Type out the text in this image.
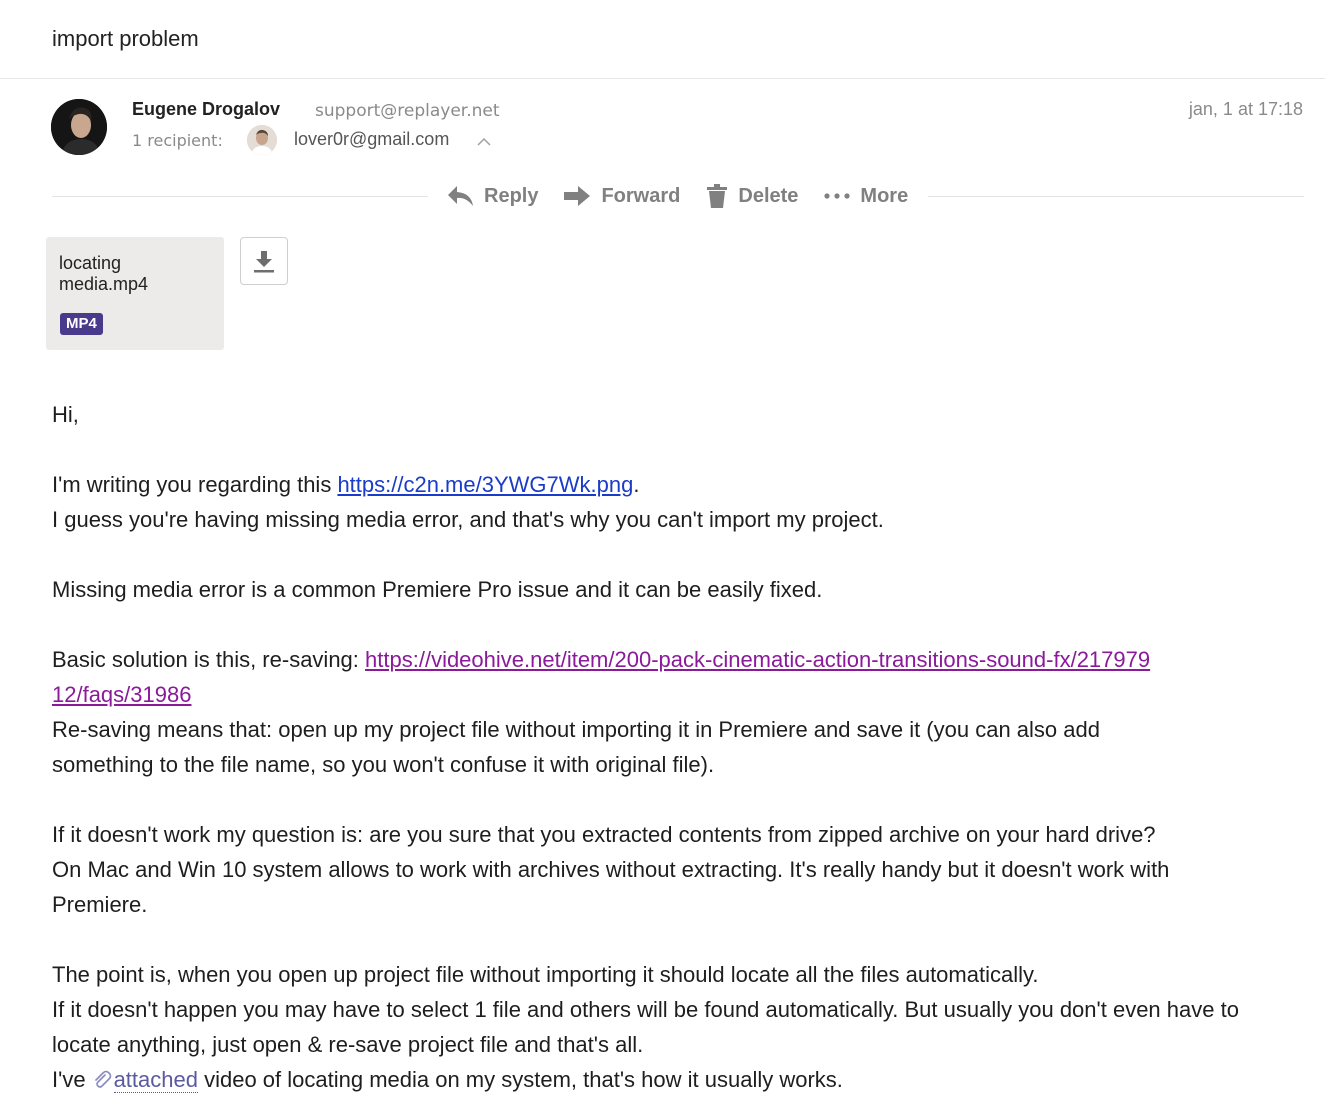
import problem
Eugene Drogalov support@replayer.net
1 recipient:	lover0r@gmail.com
jan, 1 at 17:18
Reply	Forward	Delete	More
locating media.mp4
MP4

Hi,

I'm writing you regarding this https://c2n.me/3YWG7Wk.png.

I guess you're having missing media error, and that's why you can't import my project.

Missing media error is a common Premiere Pro issue and it can be easily fixed.

Basic solution is this, re-saving: https://videohive.net/item/200-pack-cinematic-action-transitions-sound-fx/21797912/faqs/31986

Re-saving means that: open up my project file without importing it in Premiere and save it (you can also add something to the file name, so you won't confuse it with original file).

If it doesn't work my question is: are you sure that you extracted contents from zipped archive on your hard drive?

On Mac and Win 10 system allows to work with archives without extracting. It's really handy but it doesn't work with Premiere.

The point is, when you open up project file without importing it should locate all the files automatically.

If it doesn't happen you may have to select 1 file and others will be found automatically. But usually you don't even have to locate anything, just open & re-save project file and that's all.

I've attached video of locating media on my system, that's how it usually works.
